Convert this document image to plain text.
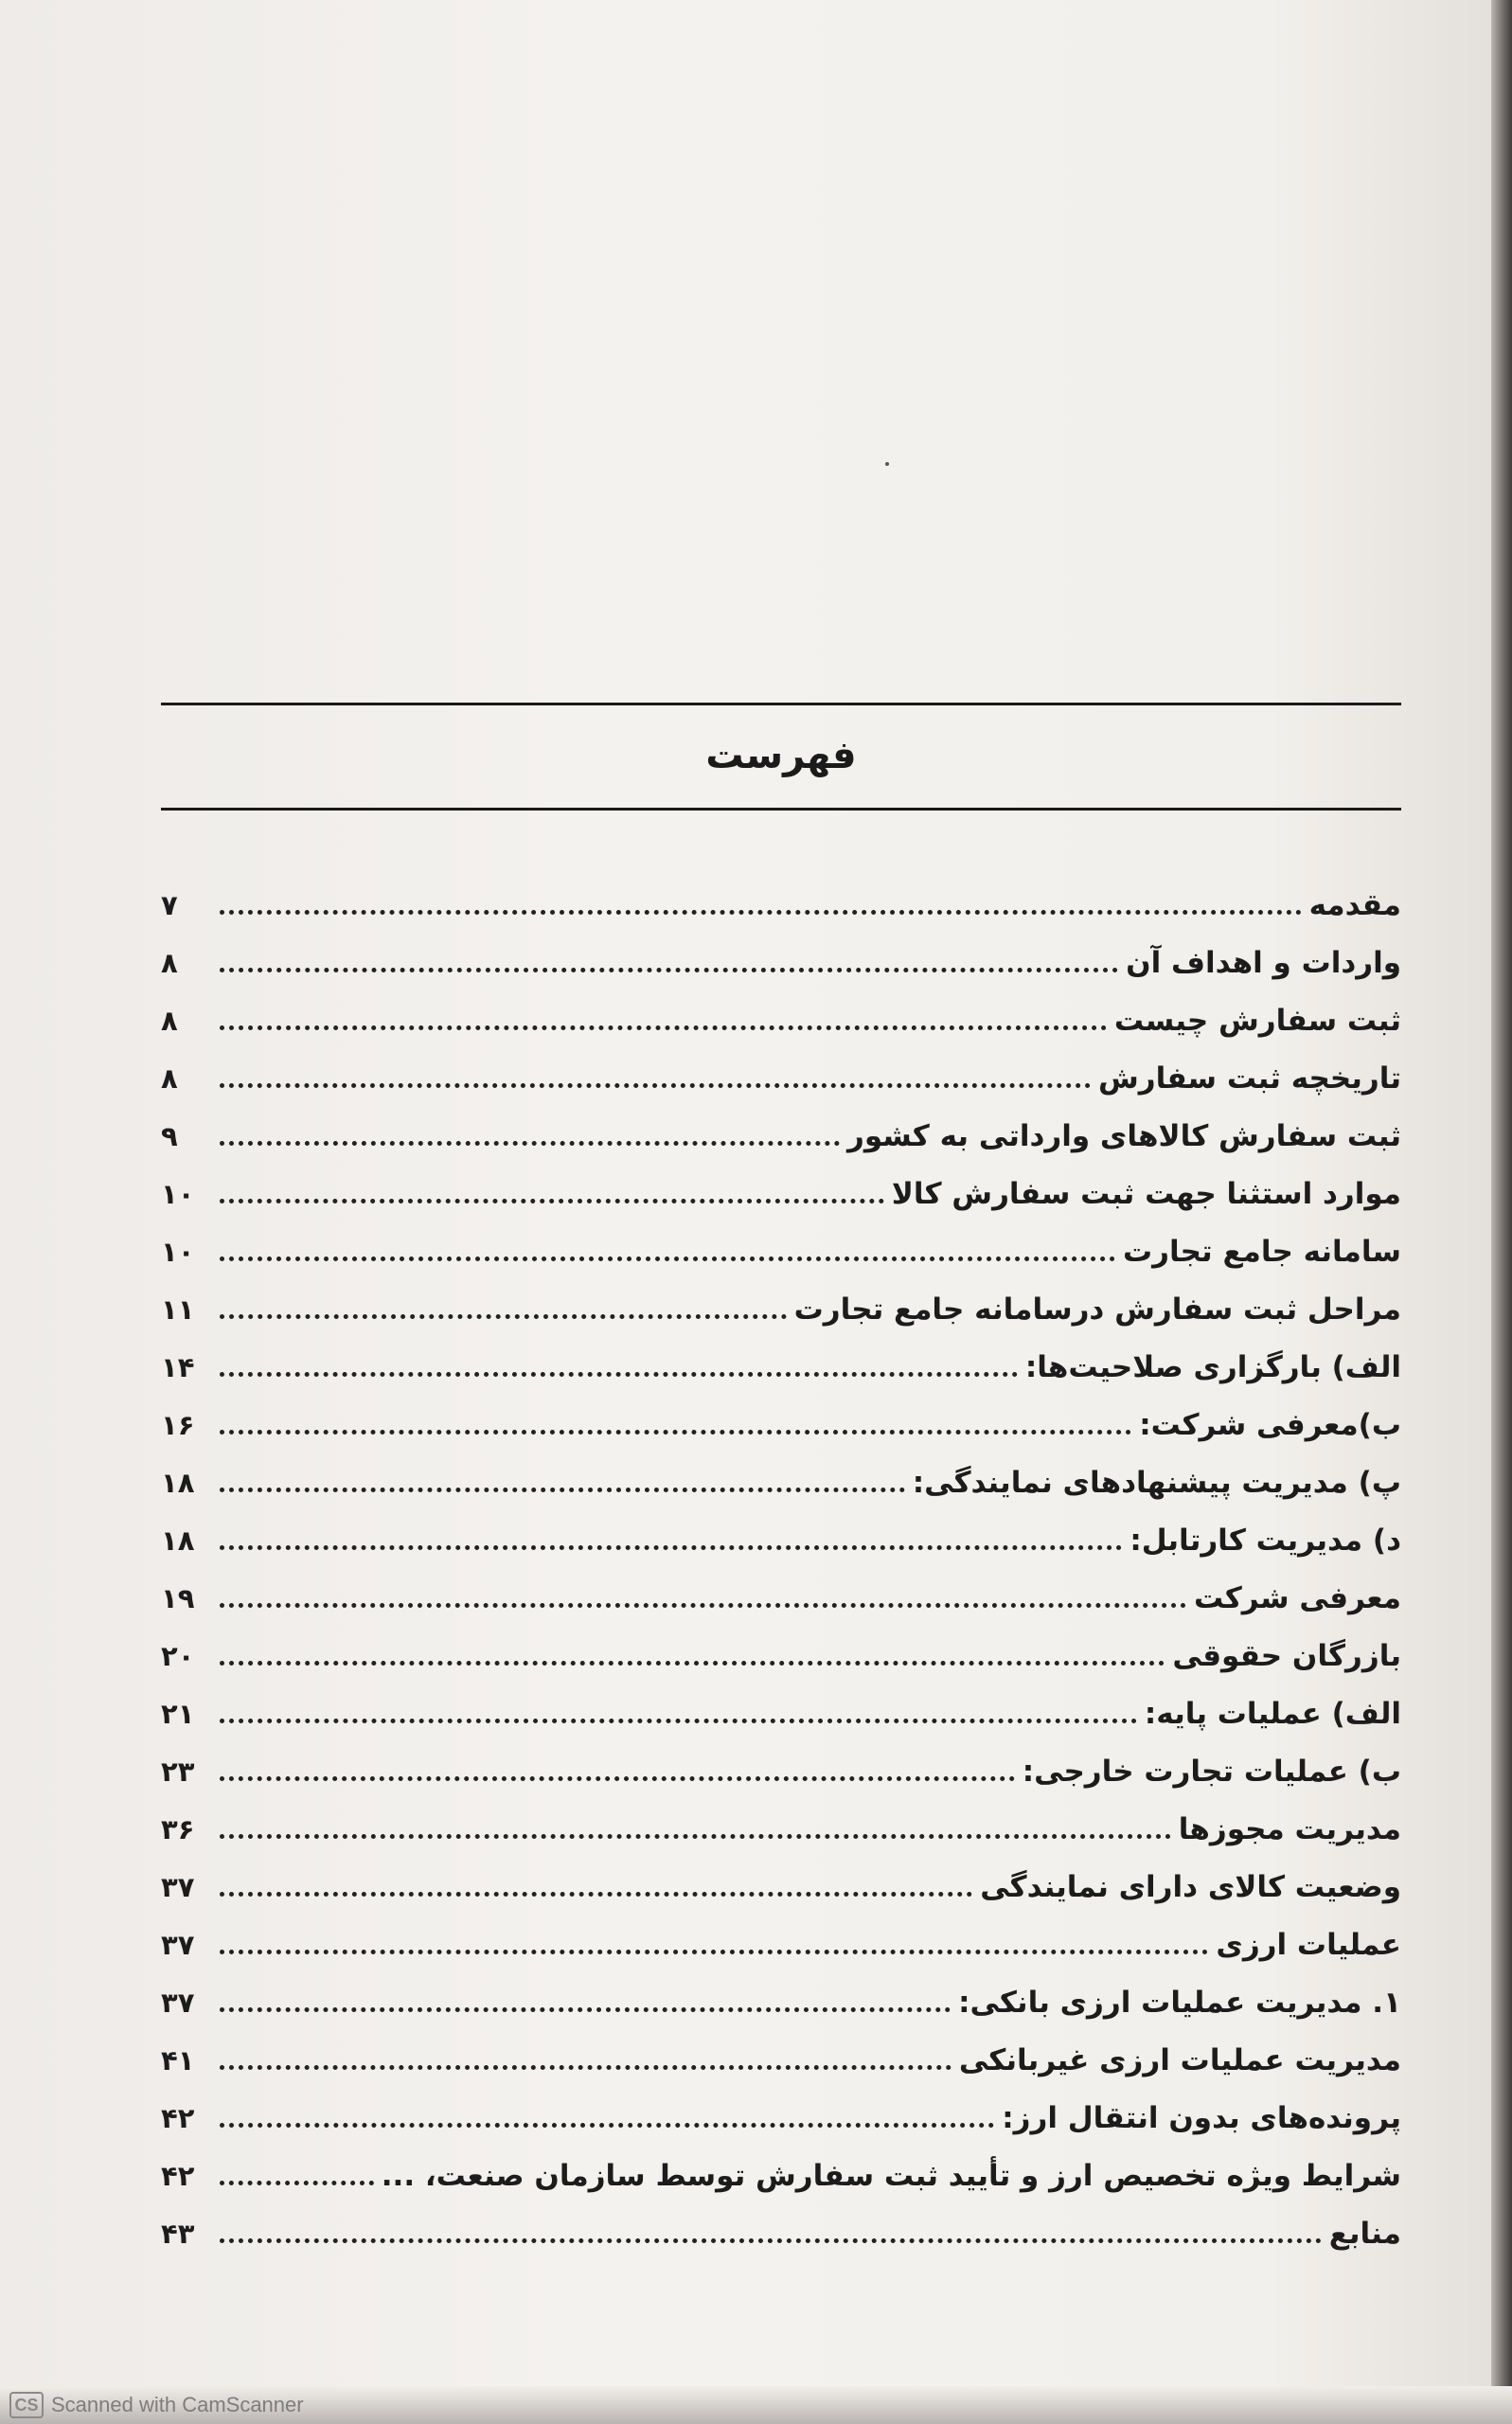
فهرست
مقدمه
۷
واردات و اهداف آن
۸
ثبت سفارش چیست
۸
تاریخچه ثبت سفارش
۸
ثبت سفارش کالاهای وارداتی به کشور
۹
موارد استثنا جهت ثبت سفارش کالا
۱۰
سامانه جامع تجارت
۱۰
مراحل ثبت سفارش درسامانه جامع تجارت
۱۱
الف) بارگزاری صلاحیت‌ها:
۱۴
ب)معرفی شرکت:
۱۶
پ) مدیریت پیشنهادهای نمایندگی:
۱۸
د) مدیریت کارتابل:
۱۸
معرفی شرکت
۱۹
بازرگان حقوقی
۲۰
الف) عملیات پایه:
۲۱
ب) عملیات تجارت خارجی:
۲۳
مدیریت مجوزها
۳۶
وضعیت کالای دارای نمایندگی
۳۷
عملیات ارزی
۳۷
۱. مدیریت عملیات ارزی بانکی:
۳۷
مدیریت عملیات ارزی غیربانکی
۴۱
پرونده‌های بدون انتقال ارز:
۴۲
شرایط ویژه تخصیص ارز و تأیید ثبت سفارش توسط سازمان صنعت، ...
۴۲
منابع
۴۳
CS Scanned with CamScanner
